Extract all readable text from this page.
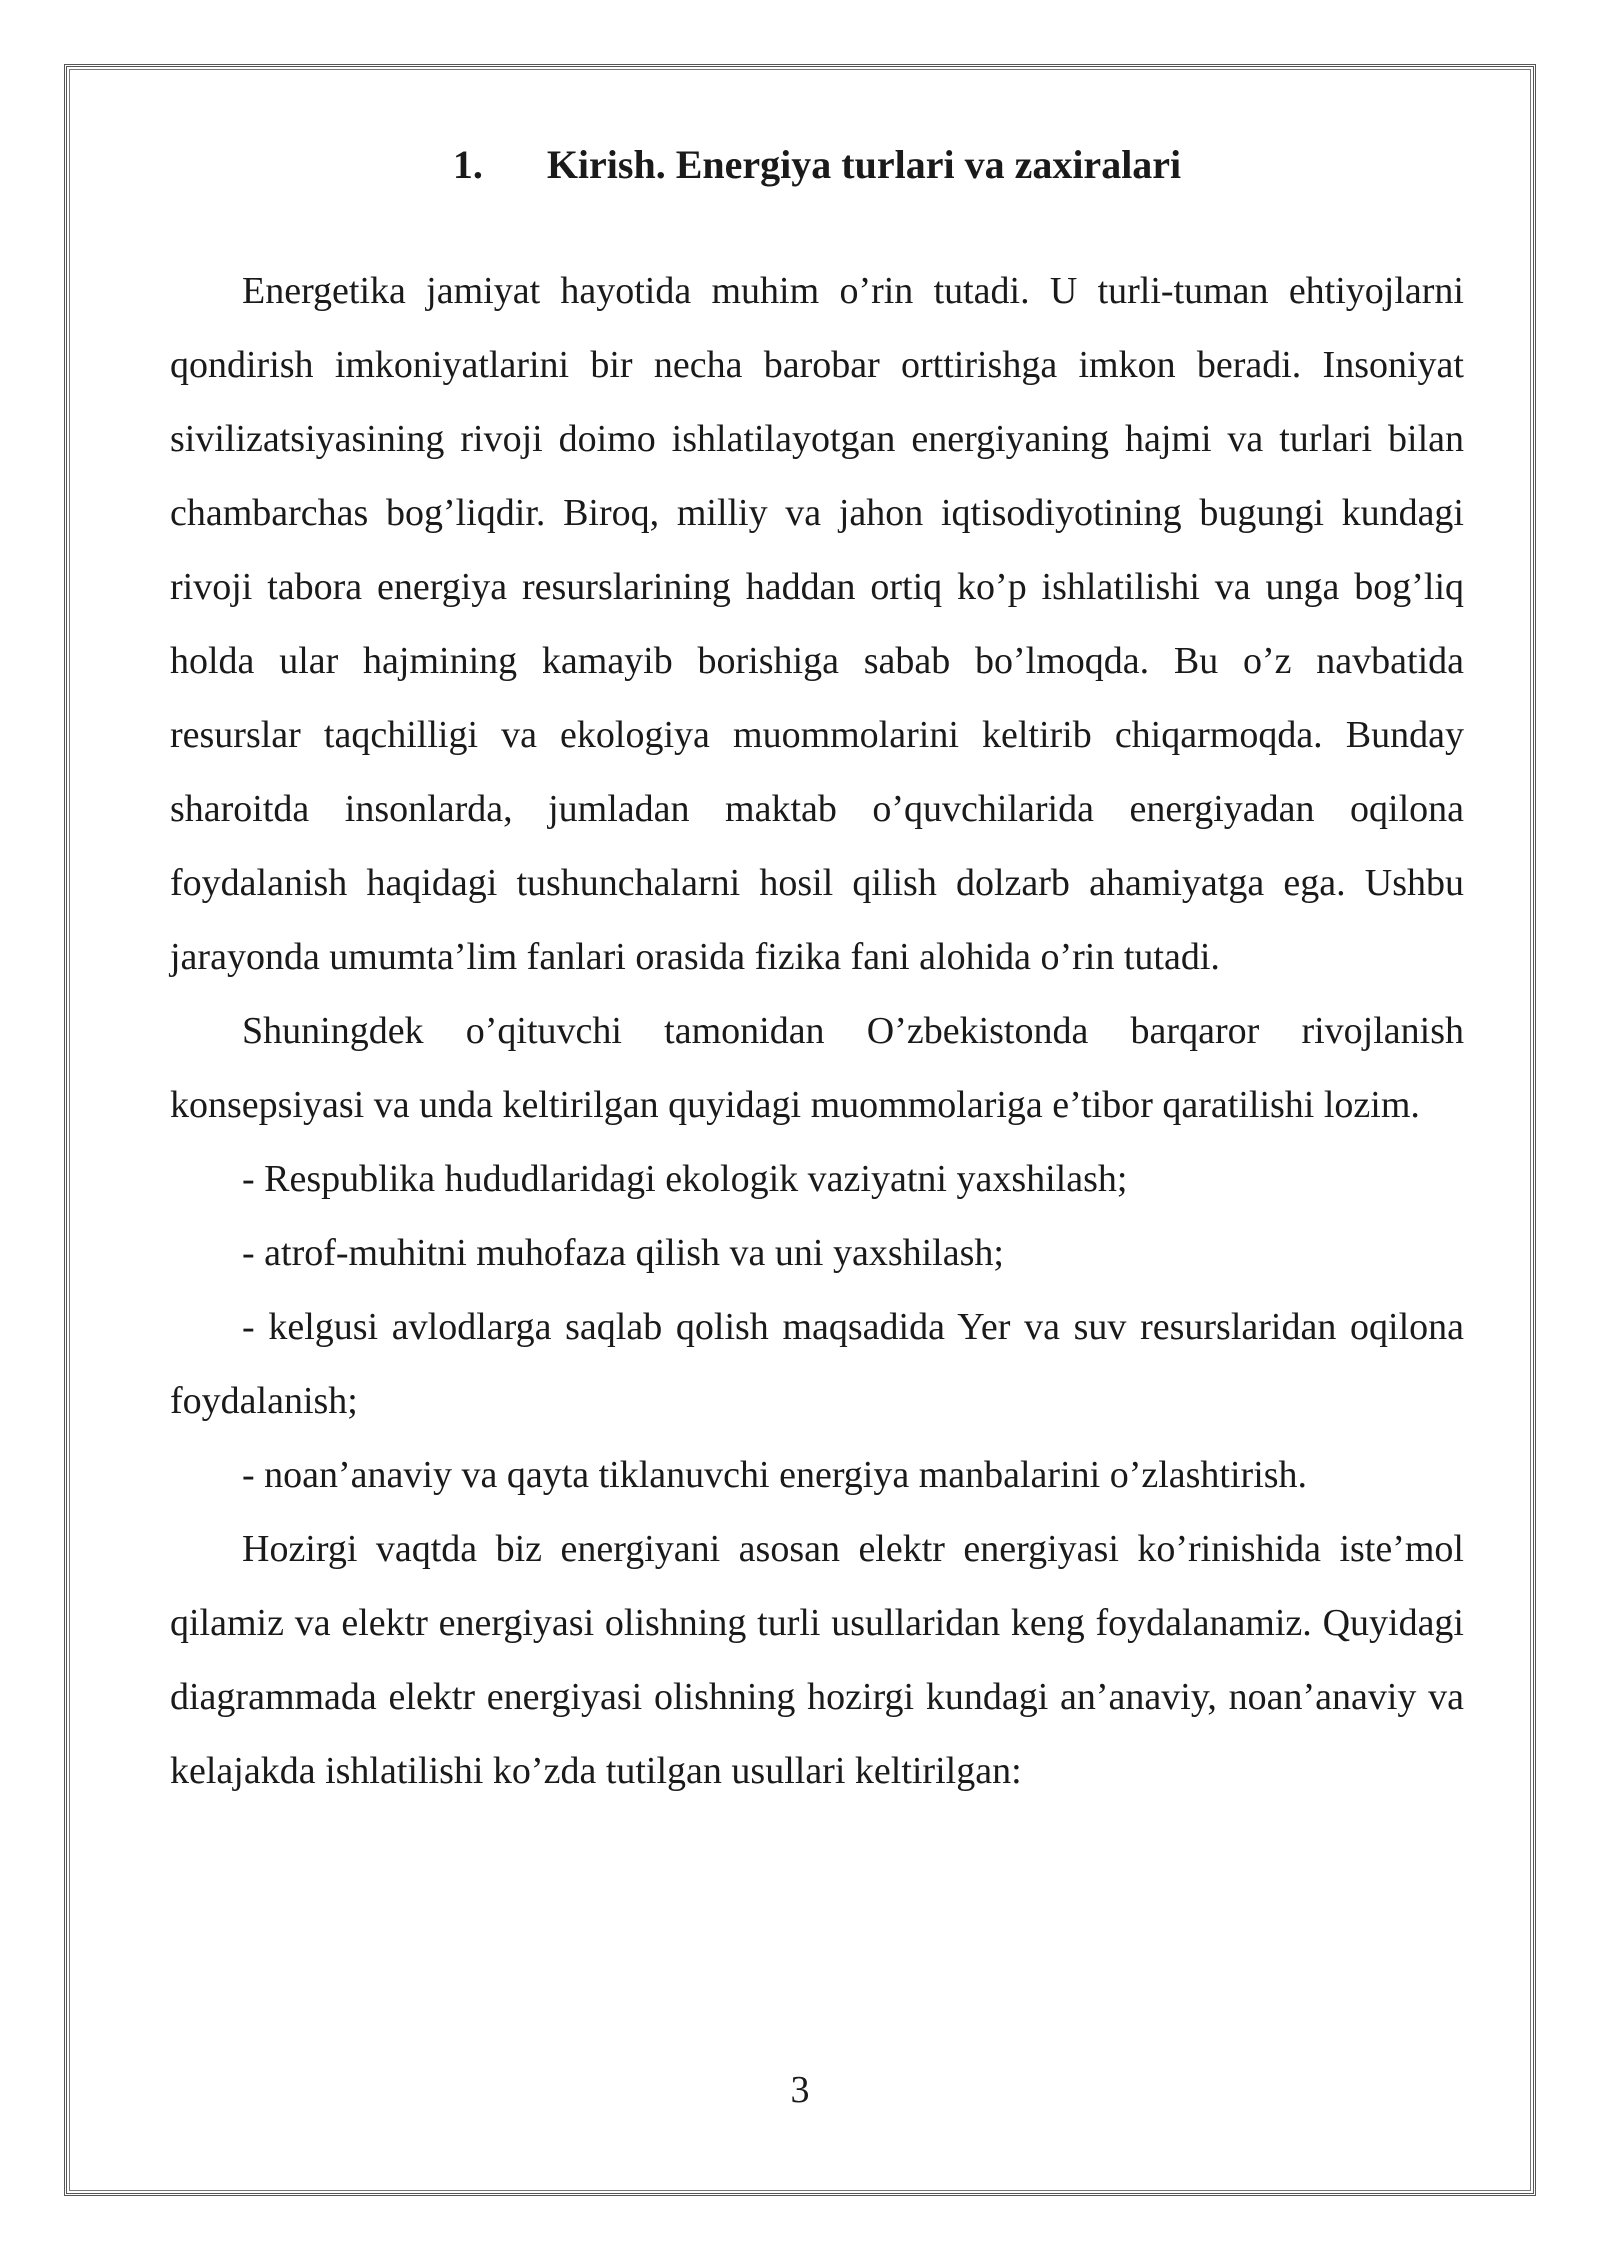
1. Kirish. Energiya turlari va zaxiralari

Energetika jamiyat hayotida muhim o’rin tutadi. U turli-tuman ehtiyojlarni qondirish imkoniyatlarini bir necha barobar orttirishga imkon beradi. Insoniyat sivilizatsiyasining rivoji doimo ishlatilayotgan energiyaning hajmi va turlari bilan chambarchas bog’liqdir. Biroq, milliy va jahon iqtisodiyotining bugungi kundagi rivoji tabora energiya resurslarining haddan ortiq ko’p ishlatilishi va unga bog’liq holda ular hajmining kamayib borishiga sabab bo’lmoqda. Bu o’z navbatida resurslar taqchilligi va ekologiya muommolarini keltirib chiqarmoqda. Bunday sharoitda insonlarda, jumladan maktab o’quvchilarida energiyadan oqilona foydalanish haqidagi tushunchalarni hosil qilish dolzarb ahamiyatga ega. Ushbu jarayonda umumta’lim fanlari orasida fizika fani alohida o’rin tutadi.

Shuningdek o’qituvchi tamonidan O’zbekistonda barqaror rivojlanish konsepsiyasi va unda keltirilgan quyidagi muommolariga e’tibor qaratilishi lozim.

- Respublika hududlaridagi ekologik vaziyatni yaxshilash;

- atrof-muhitni muhofaza qilish va uni yaxshilash;

- kelgusi avlodlarga saqlab qolish maqsadida Yer va suv resurslaridan oqilona foydalanish;

- noan’anaviy va qayta tiklanuvchi energiya manbalarini o’zlashtirish.

Hozirgi vaqtda biz energiyani asosan elektr energiyasi ko’rinishida iste’mol qilamiz va elektr energiyasi olishning turli usullaridan keng foydalanamiz. Quyidagi diagrammada elektr energiyasi olishning hozirgi kundagi an’anaviy, noan’anaviy va kelajakda ishlatilishi ko’zda tutilgan usullari keltirilgan:

3
